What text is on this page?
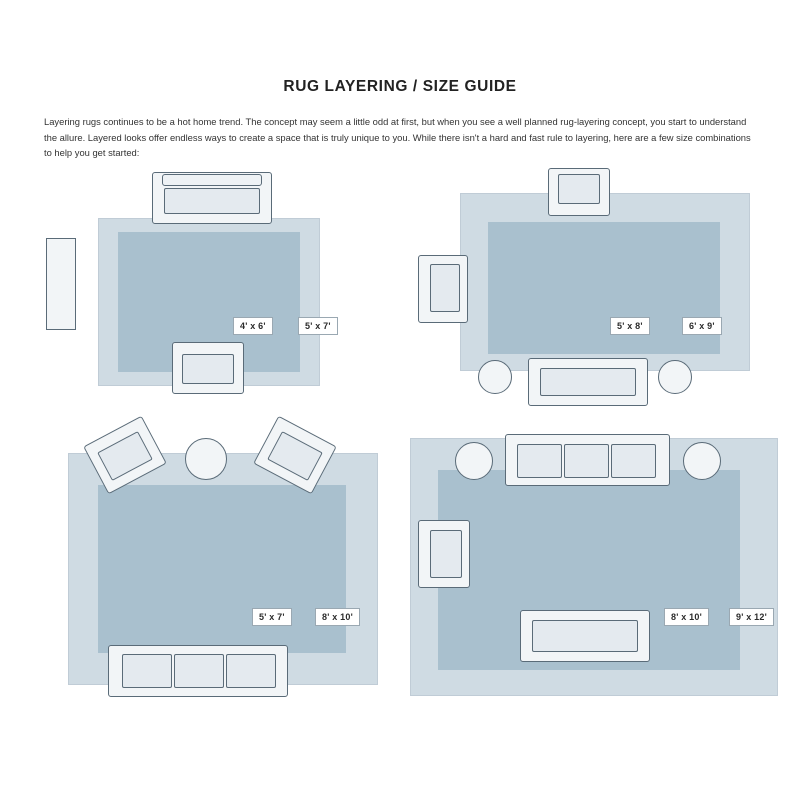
RUG LAYERING / SIZE GUIDE
Layering rugs continues to be a hot home trend. The concept may seem a little odd at first, but when you see a well planned rug-layering concept, you start to understand the allure. Layered looks offer endless ways to create a space that is truly unique to you. While there isn't a hard and fast rule to layering, here are a few size combinations to help you get started:
4' x 6'	5' x 7'	5' x 8'	6' x 9'
5' x 7'	8' x 10'	8' x 10'	9' x 12'
